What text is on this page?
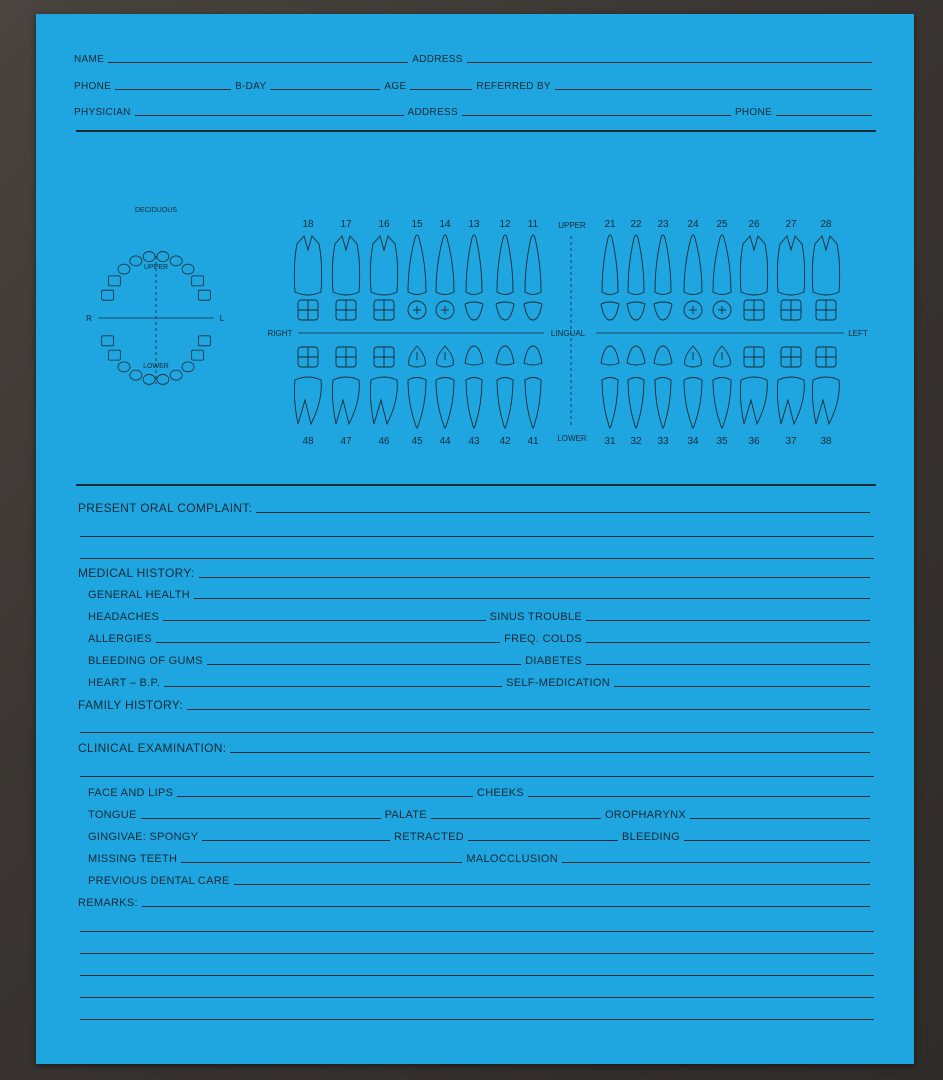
NAME	ADDRESS
PHONE	B-DAY	AGE	REFERRED BY
PHYSICIAN	ADDRESS	PHONE
DECIDUOUS
UPPER
LOWER
R	L
UPPER
LOWER
RIGHT	LINGUAL	LEFT
18	17	16 15 14 13 12 11	21 22 23 24 25 26	27 28
48	47	46 45 44 43 42 41	31 32 33 34 35 36	37 38
PRESENT ORAL COMPLAINT:
MEDICAL HISTORY:
GENERAL HEALTH
HEADACHES	SINUS TROUBLE
ALLERGIES	FREQ. COLDS
BLEEDING OF GUMS	DIABETES
HEART – B.P.	SELF-MEDICATION
FAMILY HISTORY:
CLINICAL EXAMINATION:
FACE AND LIPS	CHEEKS
TONGUE	PALATE	OROPHARYNX
GINGIVAE: SPONGY	RETRACTED	BLEEDING
MISSING TEETH	MALOCCLUSION
PREVIOUS DENTAL CARE
REMARKS:
